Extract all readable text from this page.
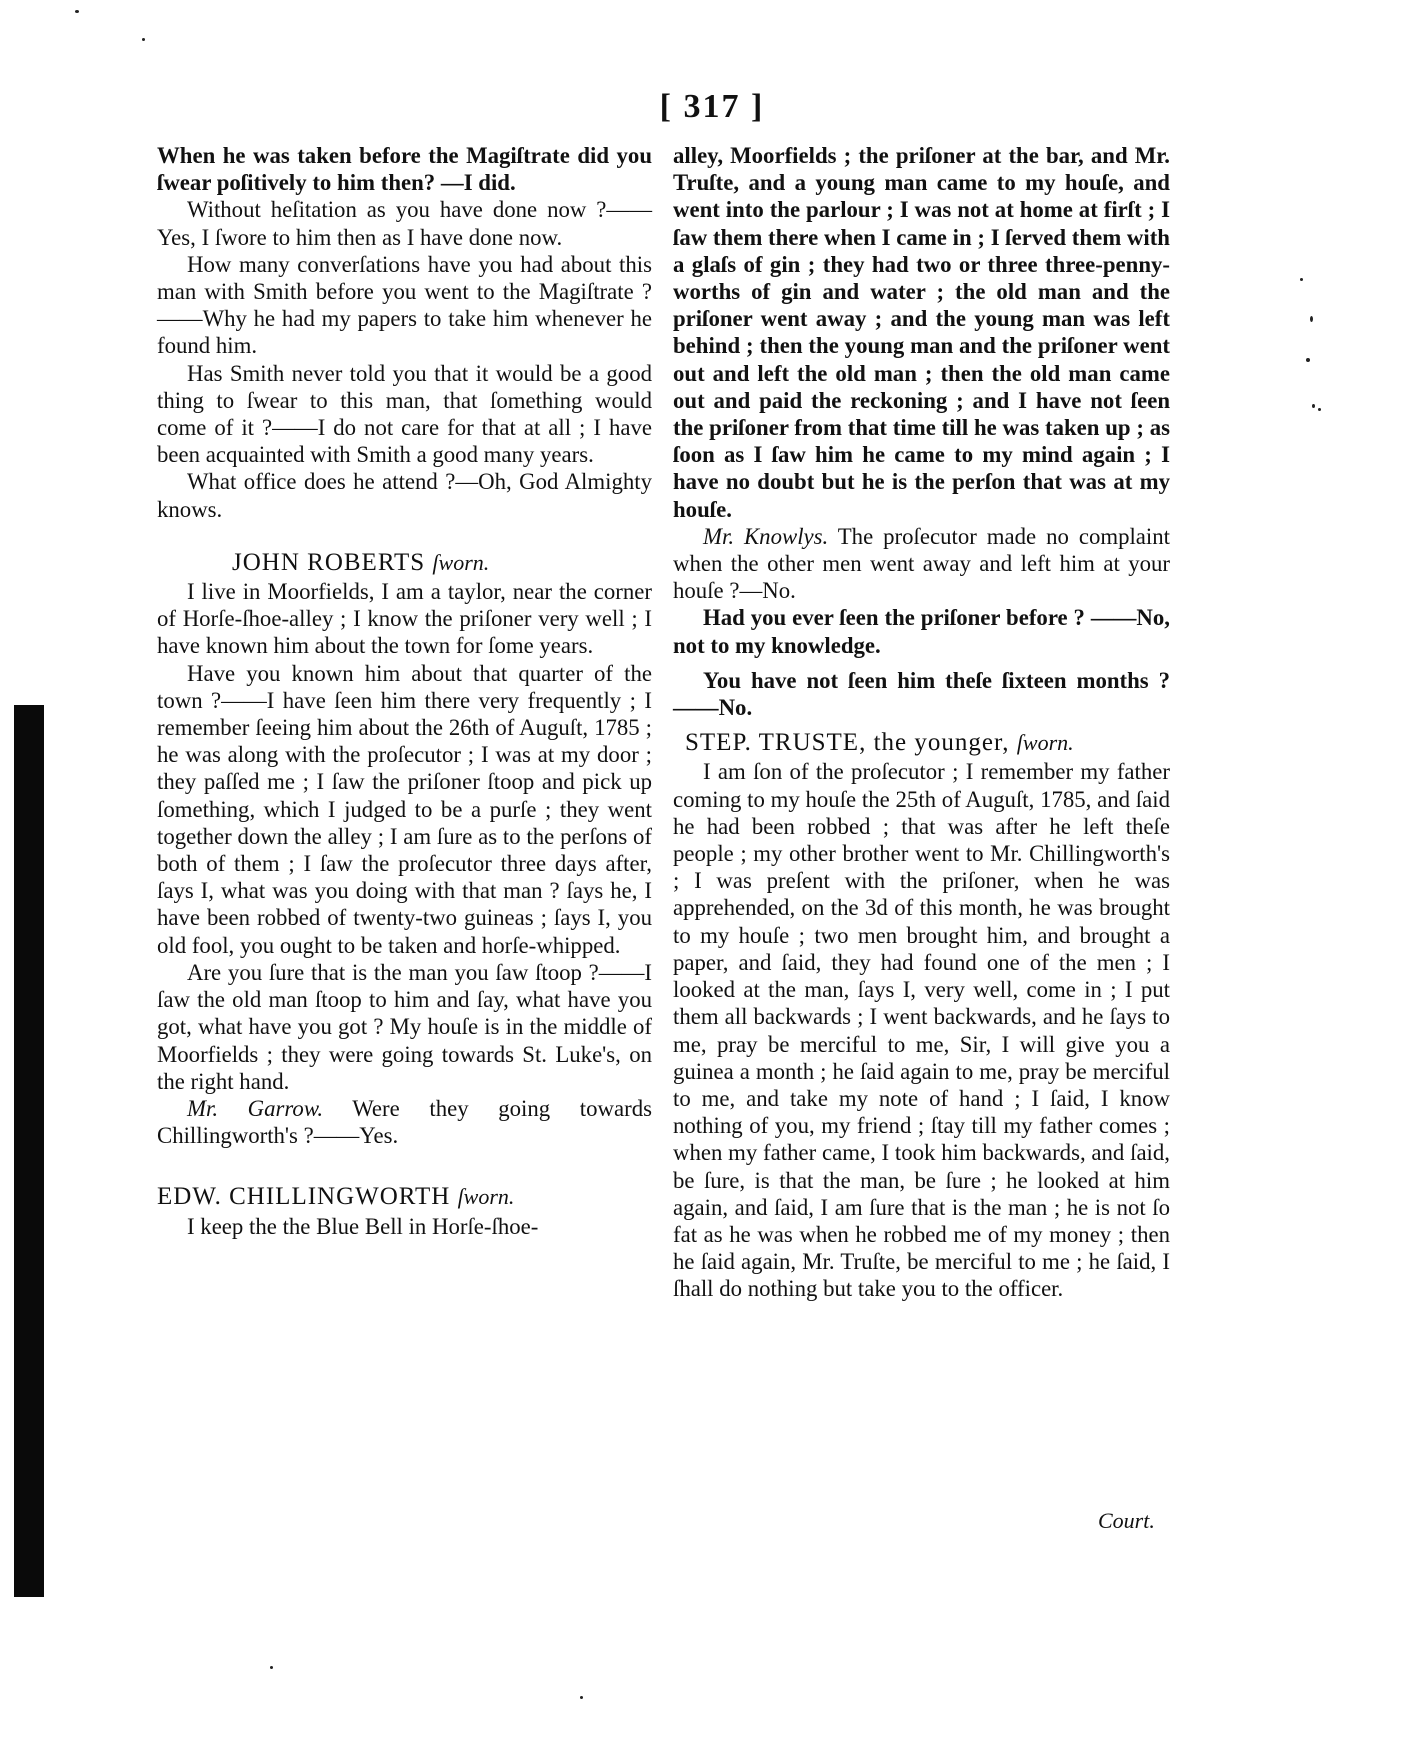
[ 317 ]

When he was taken before the Magiſtrate did you ſwear poſitively to him then? —I did.

Without heſitation as you have done now ?——Yes, I ſwore to him then as I have done now.

How many converſations have you had about this man with Smith before you went to the Magiſtrate ?——Why he had my papers to take him whenever he found him.

Has Smith never told you that it would be a good thing to ſwear to this man, that ſomething would come of it ?——I do not care for that at all ; I have been acquainted with Smith a good many years.

What office does he attend ?—Oh, God Almighty knows.

JOHN ROBERTS ſworn.

I live in Moorfields, I am a taylor, near the corner of Horſe-ſhoe-alley ; I know the priſoner very well ; I have known him about the town for ſome years.

Have you known him about that quarter of the town ?——I have ſeen him there very frequently ; I remember ſeeing him about the 26th of Auguſt, 1785 ; he was along with the proſecutor ; I was at my door ; they paſſed me ; I ſaw the priſoner ſtoop and pick up ſomething, which I judged to be a purſe ; they went together down the alley ; I am ſure as to the perſons of both of them ; I ſaw the proſecutor three days after, ſays I, what was you doing with that man ? ſays he, I have been robbed of twenty-two guineas ; ſays I, you old fool, you ought to be taken and horſe-whipped.

Are you ſure that is the man you ſaw ſtoop ?——I ſaw the old man ſtoop to him and ſay, what have you got, what have you got ? My houſe is in the middle of Moorfields ; they were going towards St. Luke's, on the right hand.

Mr. Garrow. Were they going towards Chillingworth's ?——Yes.

EDW. CHILLINGWORTH ſworn.

I keep the the Blue Bell in Horſe-ſhoe-

alley, Moorfields ; the priſoner at the bar, and Mr. Truſte, and a young man came to my houſe, and went into the parlour ; I was not at home at firſt ; I ſaw them there when I came in ; I ſerved them with a glaſs of gin ; they had two or three three-penny-worths of gin and water ; the old man and the priſoner went away ; and the young man was left behind ; then the young man and the priſoner went out and left the old man ; then the old man came out and paid the reckoning ; and I have not ſeen the priſoner from that time till he was taken up ; as ſoon as I ſaw him he came to my mind again ; I have no doubt but he is the perſon that was at my houſe.

Mr. Knowlys. The proſecutor made no complaint when the other men went away and left him at your houſe ?—No.

Had you ever ſeen the priſoner before ? ——No, not to my knowledge.

You have not ſeen him theſe ſixteen months ?——No.

STEP. TRUSTE, the younger, ſworn.

I am ſon of the proſecutor ; I remember my father coming to my houſe the 25th of Auguſt, 1785, and ſaid he had been robbed ; that was after he left theſe people ; my other brother went to Mr. Chillingworth's ; I was preſent with the priſoner, when he was apprehended, on the 3d of this month, he was brought to my houſe ; two men brought him, and brought a paper, and ſaid, they had found one of the men ; I looked at the man, ſays I, very well, come in ; I put them all backwards ; I went backwards, and he ſays to me, pray be merciful to me, Sir, I will give you a guinea a month ; he ſaid again to me, pray be merciful to me, and take my note of hand ; I ſaid, I know nothing of you, my friend ; ſtay till my father comes ; when my father came, I took him backwards, and ſaid, be ſure, is that the man, be ſure ; he looked at him again, and ſaid, I am ſure that is the man ; he is not ſo fat as he was when he robbed me of my money ; then he ſaid again, Mr. Truſte, be merciful to me ; he ſaid, I ſhall do nothing but take you to the officer.

Court.
